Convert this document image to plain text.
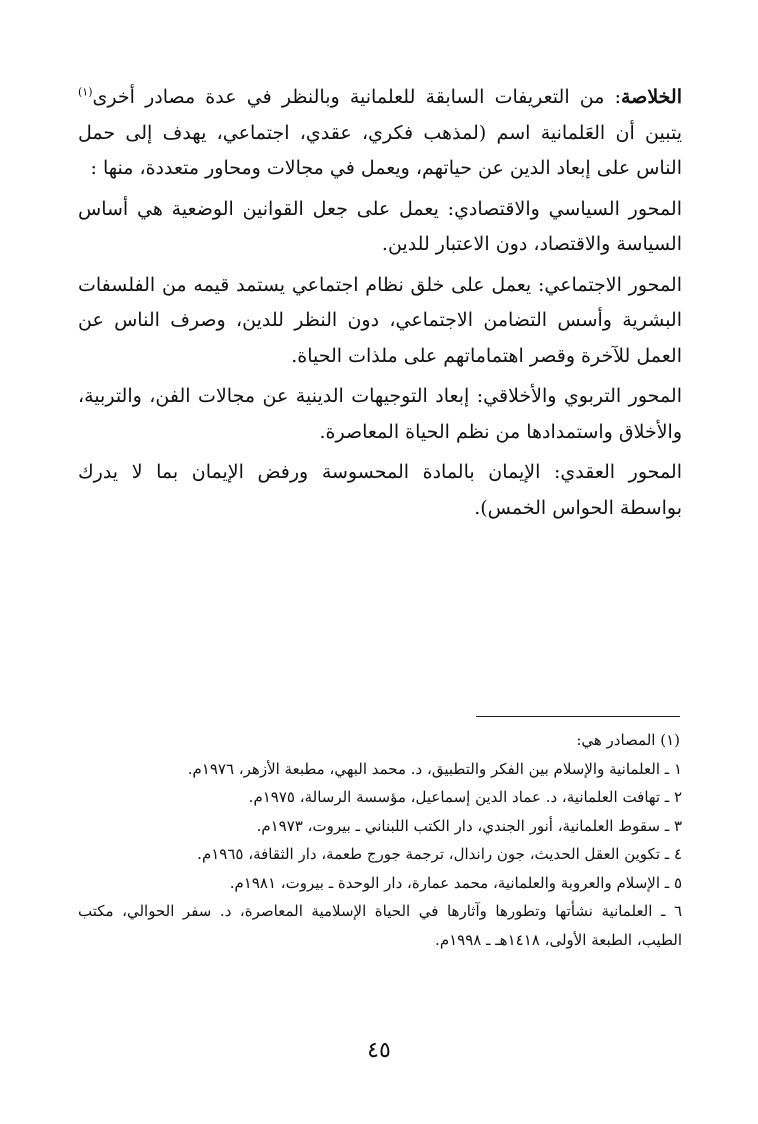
الخلاصة: من التعريفات السابقة للعلمانية وبالنظر في عدة مصادر أخرى$^{(١)}$ يتبين أن العَلمانية اسم (لمذهب فكري، عقدي، اجتماعي، يهدف إلى حمل الناس على إبعاد الدين عن حياتهم، ويعمل في مجالات ومحاور متعددة، منها :

المحور السياسي والاقتصادي: يعمل على جعل القوانين الوضعية هي أساس السياسة والاقتصاد، دون الاعتبار للدين.

المحور الاجتماعي: يعمل على خلق نظام اجتماعي يستمد قيمه من الفلسفات البشرية وأسس التضامن الاجتماعي، دون النظر للدين، وصرف الناس عن العمل للآخرة وقصر اهتماماتهم على ملذات الحياة.

المحور التربوي والأخلاقي: إبعاد التوجيهات الدينية عن مجالات الفن، والتربية، والأخلاق واستمدادها من نظم الحياة المعاصرة.

المحور العقدي: الإيمان بالمادة المحسوسة ورفض الإيمان بما لا يدرك بواسطة الحواس الخمس).

(١) المصادر هي:

١ ـ العلمانية والإسلام بين الفكر والتطبيق، د. محمد البهي، مطبعة الأزهر، ١٩٧٦م.
٢ ـ تهافت العلمانية، د. عماد الدين إسماعيل، مؤسسة الرسالة، ١٩٧٥م.
٣ ـ سقوط العلمانية، أنور الجندي، دار الكتب اللبناني ـ بيروت، ١٩٧٣م.
٤ ـ تكوين العقل الحديث، جون راندال، ترجمة جورج طعمة، دار الثقافة، ١٩٦٥م.
٥ ـ الإسلام والعروبة والعلمانية، محمد عمارة، دار الوحدة ـ بيروت، ١٩٨١م.
٦ ـ العلمانية نشأتها وتطورها وآثارها في الحياة الإسلامية المعاصرة، د. سفر الحوالي، مكتب الطيب، الطبعة الأولى، ١٤١٨هـ ـ ١٩٩٨م.
٤٥
